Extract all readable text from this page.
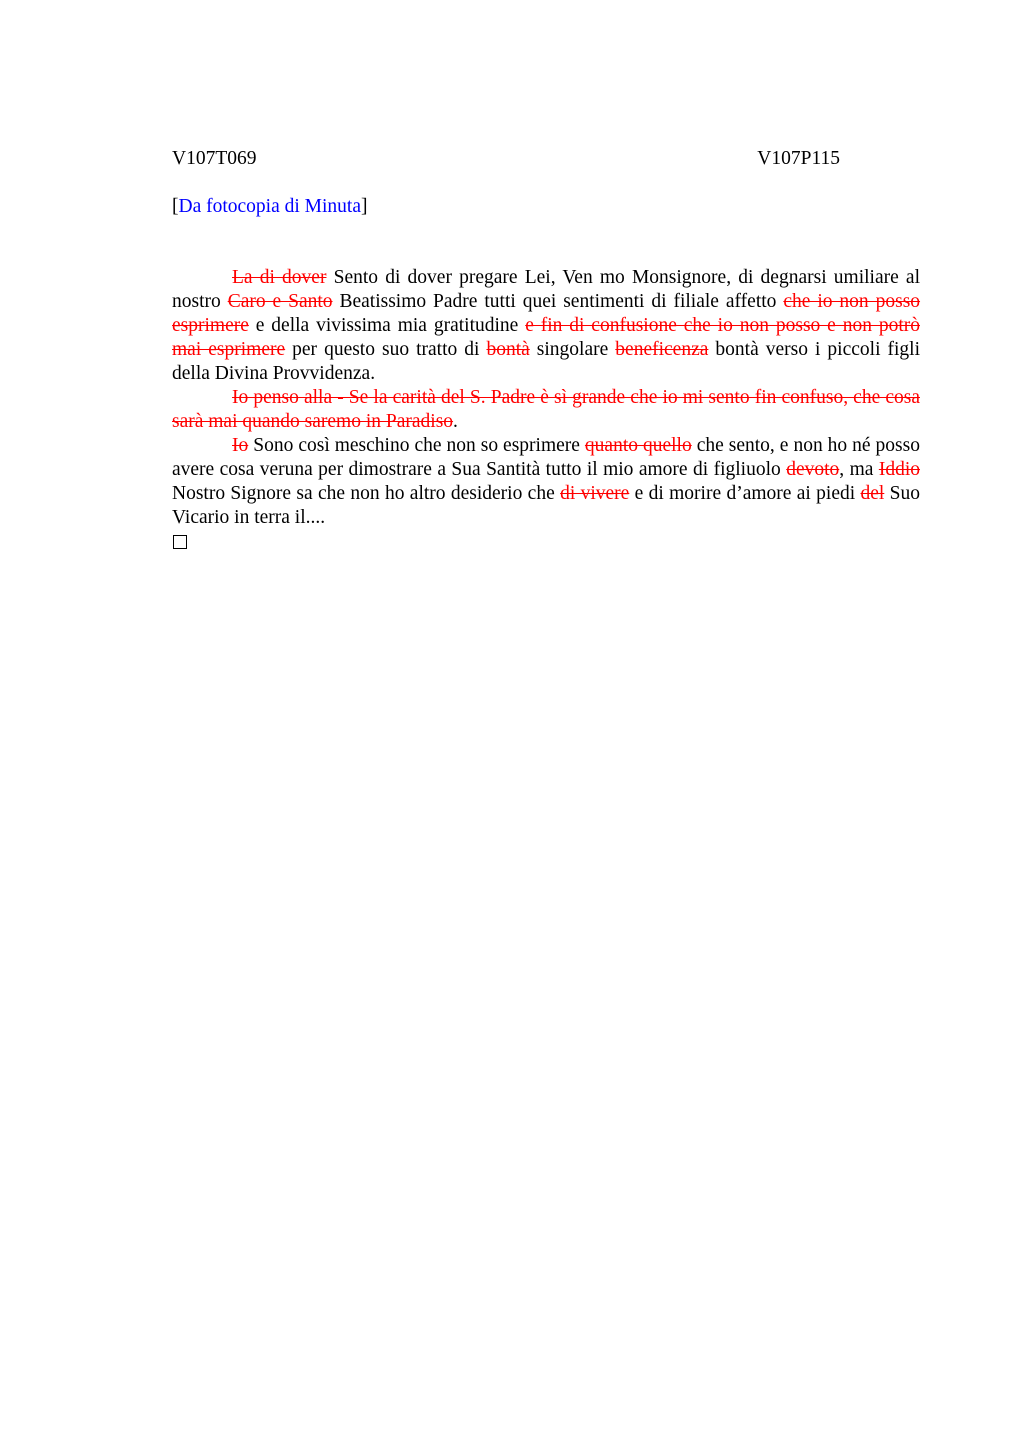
V107T069	V107P115
[Da fotocopia di Minuta]

La di dover Sento di dover pregare Lei, Ven mo Monsignore, di degnarsi umiliare al nostro Caro e Santo Beatissimo Padre tutti quei sentimenti di filiale affetto che io non posso esprimere e della vivissima mia gratitudine e fin di confusione che io non posso e non potrò mai esprimere per questo suo tratto di bontà singolare beneficenza bontà verso i piccoli figli della Divina Provvidenza.

Io penso alla - Se la carità del S. Padre è sì grande che io mi sento fin confuso, che cosa sarà mai quando saremo in Paradiso.

Io Sono così meschino che non so esprimere quanto quello che sento, e non ho né posso avere cosa veruna per dimostrare a Sua Santità tutto il mio amore di figliuolo devoto, ma Iddio Nostro Signore sa che non ho altro desiderio che di vivere e di morire d’amore ai piedi del Suo Vicario in terra il....
